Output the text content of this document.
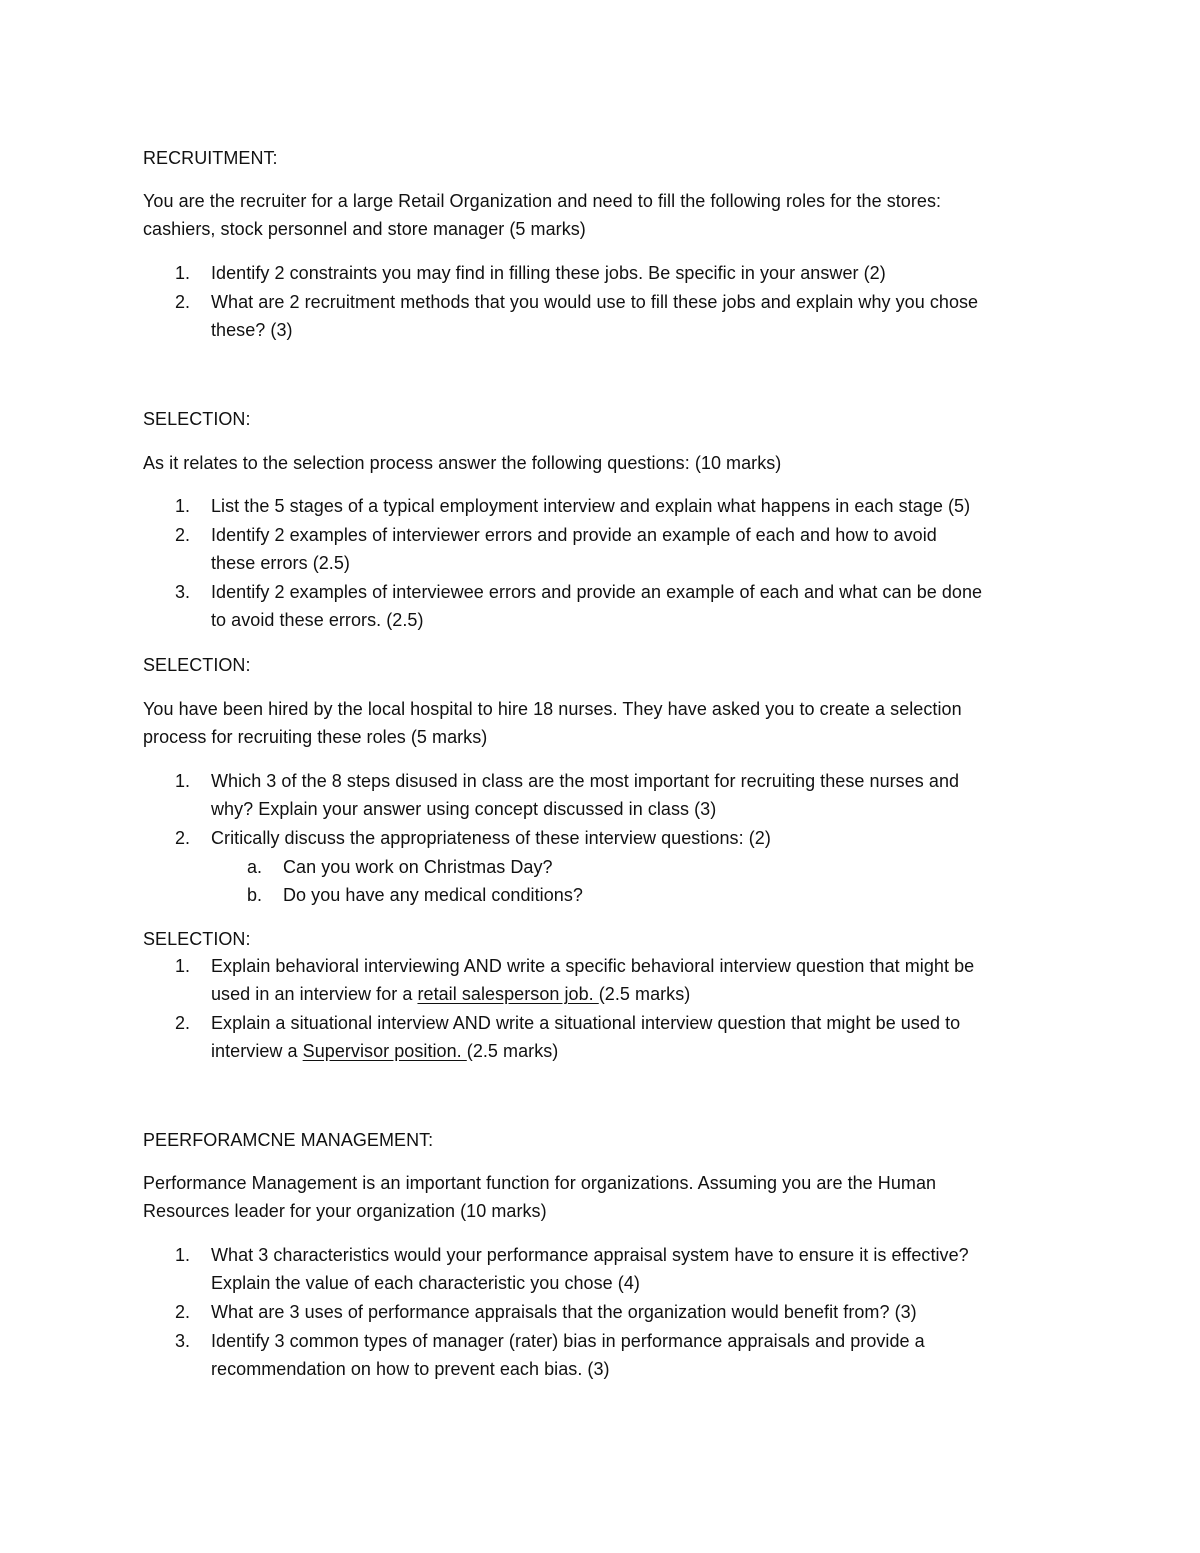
RECRUITMENT:
You are the recruiter for a large Retail Organization and need to fill the following roles for the stores:
cashiers, stock personnel and store manager (5 marks)
1. Identify 2 constraints you may find in filling these jobs. Be specific in your answer (2)
2. What are 2 recruitment methods that you would use to fill these jobs and explain why you chose
these? (3)
SELECTION:
As it relates to the selection process answer the following questions: (10 marks)
1. List the 5 stages of a typical employment interview and explain what happens in each stage (5)
2. Identify 2 examples of interviewer errors and provide an example of each and how to avoid
these errors (2.5)
3. Identify 2 examples of interviewee errors and provide an example of each and what can be done
to avoid these errors. (2.5)
SELECTION:
You have been hired by the local hospital to hire 18 nurses. They have asked you to create a selection
process for recruiting these roles (5 marks)
1. Which 3 of the 8 steps disused in class are the most important for recruiting these nurses and
why? Explain your answer using concept discussed in class (3)
2. Critically discuss the appropriateness of these interview questions: (2)
a. Can you work on Christmas Day?
b. Do you have any medical conditions?
SELECTION:
1. Explain behavioral interviewing AND write a specific behavioral interview question that might be
used in an interview for a retail salesperson job. (2.5 marks)
2. Explain a situational interview AND write a situational interview question that might be used to
interview a Supervisor position. (2.5 marks)
PEERFORAMCNE MANAGEMENT:
Performance Management is an important function for organizations. Assuming you are the Human
Resources leader for your organization (10 marks)
1. What 3 characteristics would your performance appraisal system have to ensure it is effective?
Explain the value of each characteristic you chose (4)
2. What are 3 uses of performance appraisals that the organization would benefit from? (3)
3. Identify 3 common types of manager (rater) bias in performance appraisals and provide a
recommendation on how to prevent each bias. (3)
